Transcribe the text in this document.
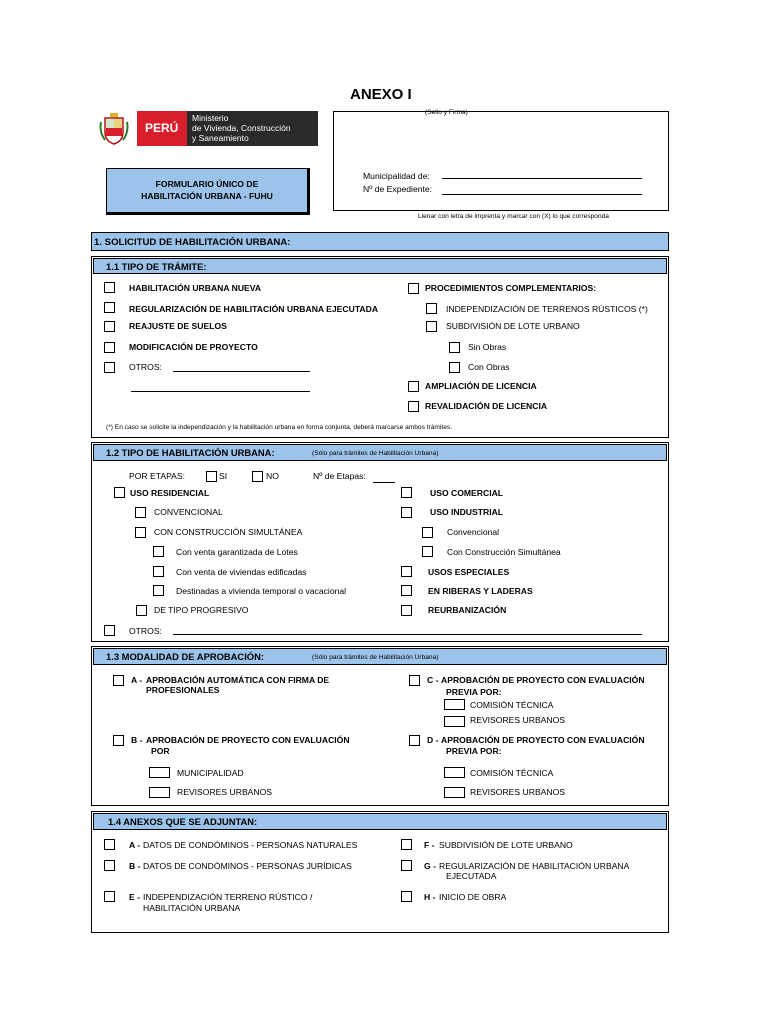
ANEXO I
PERÚ
Ministerio
de Vivienda, Construcción
y Saneamiento
FORMULARIO ÚNICO DE
HABILITACIÓN URBANA - FUHU
(Sello y Firma)
Municipalidad de:
Nº de Expediente:
Llenar con letra de imprenta y marcar con (X) lo que corresponda
1. SOLICITUD DE HABILITACIÓN URBANA:
1.1 TIPO DE TRÁMITE:
HABILITACIÓN URBANA NUEVA
REGULARIZACIÓN DE HABILITACIÓN URBANA EJECUTADA
REAJUSTE DE SUELOS
MODIFICACIÓN DE PROYECTO
OTROS:
PROCEDIMIENTOS COMPLEMENTARIOS:
INDEPENDIZACIÓN DE TERRENOS RÚSTICOS (*)
SUBDIVISIÓN DE LOTE URBANO
Sin Obras
Con Obras
AMPLIACIÓN DE LICENCIA
REVALIDACIÓN DE LICENCIA
(*) En caso se solicite la independización y la habilitación urbana en forma conjunta, deberá marcarse ambos trámites.
1.2 TIPO DE HABILITACIÓN URBANA:	(Sólo para trámites de Habilitación Urbana)
POR ETAPAS:	SI	NO	Nº de Etapas:
USO RESIDENCIAL
CONVENCIONAL
CON CONSTRUCCIÓN SIMULTÁNEA
Con venta garantizada de Lotes
Con venta de viviendas edificadas
Destinadas a vivienda temporal o vacacional
DE TIPO PROGRESIVO
OTROS:
USO COMERCIAL
USO INDUSTRIAL
Convencional
Con Construcción Simultánea
USOS ESPECIALES
EN RIBERAS Y LADERAS
REURBANIZACIÓN
1.3 MODALIDAD DE APROBACIÓN:	(Sólo para trámites de Habilitación Urbana)
A - APROBACIÓN AUTOMÁTICA CON FIRMA DE
PROFESIONALES
B - APROBACIÓN DE PROYECTO CON EVALUACIÓN
POR
MUNICIPALIDAD
REVISORES URBANOS
C - APROBACIÓN DE PROYECTO CON EVALUACIÓN
PREVIA POR:
COMISIÓN TÉCNICA
REVISORES URBANOS
D - APROBACIÓN DE PROYECTO CON EVALUACIÓN
PREVIA POR:
COMISIÓN TÉCNICA
REVISORES URBANOS
1.4 ANEXOS QUE SE ADJUNTAN:
A - DATOS DE CONDÓMINOS - PERSONAS NATURALES
B - DATOS DE CONDÓMINOS - PERSONAS JURÍDICAS
E - INDEPENDIZACIÓN TERRENO RÚSTICO /
HABILITACIÓN URBANA
F - SUBDIVISIÓN DE LOTE URBANO
G - REGULARIZACIÓN DE HABILITACIÓN URBANA
EJECUTADA
H - INICIO DE OBRA
